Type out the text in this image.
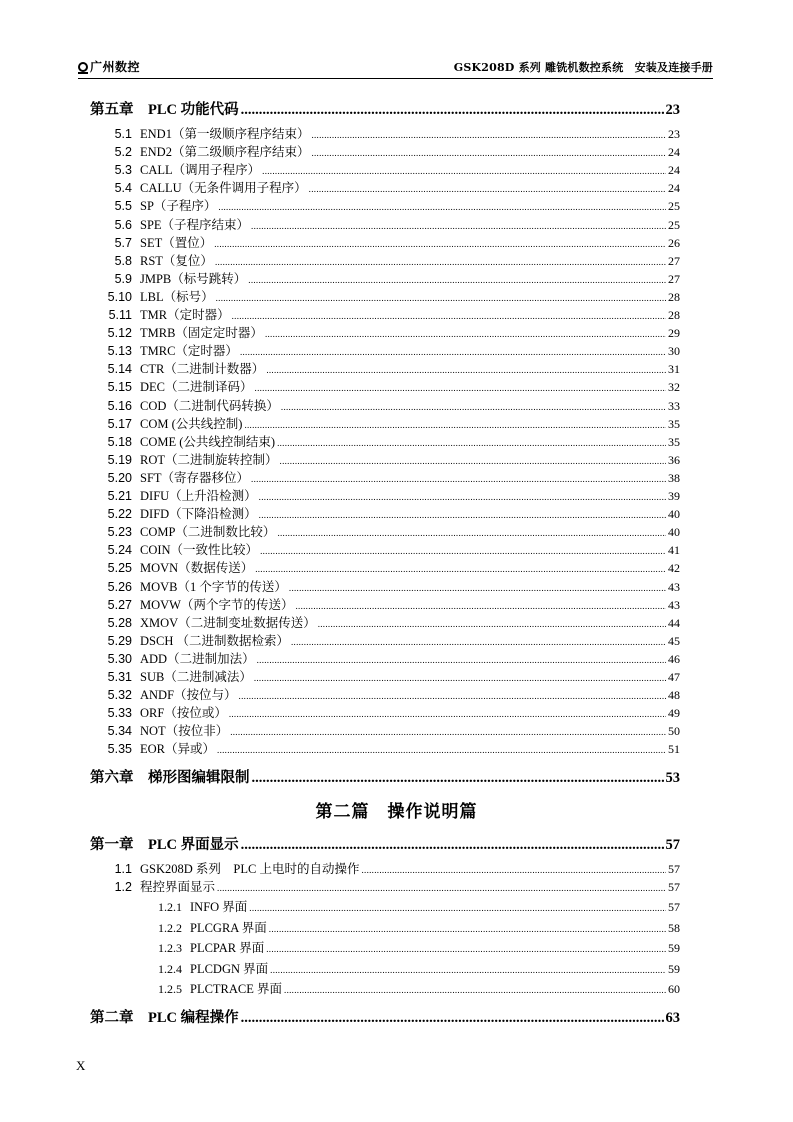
广州数控	GSK208D 系列 雕铣机数控系统　安装及连接手册
第五章　PLC 功能代码 .....	23
5.1 END1（第一级顺序程序结束） .....	23
5.2 END2（第二级顺序程序结束） .....	24
5.3 CALL（调用子程序） .....	24
5.4 CALLU（无条件调用子程序） .....	24
5.5 SP（子程序） .....	25
5.6 SPE（子程序结束） .....	25
5.7 SET（置位） .....	26
5.8 RST（复位） .....	27
5.9 JMPB（标号跳转） .....	27
5.10 LBL（标号） .....	28
5.11 TMR（定时器） .....	28
5.12 TMRB（固定定时器） .....	29
5.13 TMRC（定时器） .....	30
5.14 CTR（二进制计数器） .....	31
5.15 DEC（二进制译码） .....	32
5.16 COD（二进制代码转换） .....	33
5.17 COM (公共线控制) .....	35
5.18 COME (公共线控制结束) .....	35
5.19 ROT（二进制旋转控制） .....	36
5.20 SFT（寄存器移位） .....	38
5.21 DIFU（上升沿检测） .....	39
5.22 DIFD（下降沿检测） .....	40
5.23 COMP（二进制数比较） .....	40
5.24 COIN（一致性比较） .....	41
5.25 MOVN（数据传送） .....	42
5.26 MOVB（1 个字节的传送） .....	43
5.27 MOVW（两个字节的传送） .....	43
5.28 XMOV（二进制变址数据传送） .....	44
5.29 DSCH （二进制数据检索） .....	45
5.30 ADD（二进制加法） .....	46
5.31 SUB（二进制减法） .....	47
5.32 ANDF（按位与） .....	48
5.33 ORF（按位或） .....	49
5.34 NOT（按位非） .....	50
5.35 EOR（异或） .....	51
第六章　梯形图编辑限制 .....	53
第一章　PLC 界面显示 .....	57
1.1 GSK208D 系列　PLC 上电时的自动操作 .....	57
1.2 程控界面显示 .....	57
1.2.1 INFO 界面 .....	57
1.2.2 PLCGRA 界面 .....	58
1.2.3 PLCPAR 界面 .....	59
1.2.4 PLCDGN 界面 .....	59
1.2.5 PLCTRACE 界面 .....	60
第二章　PLC 编程操作 .....	63
第二篇　操作说明篇
X
